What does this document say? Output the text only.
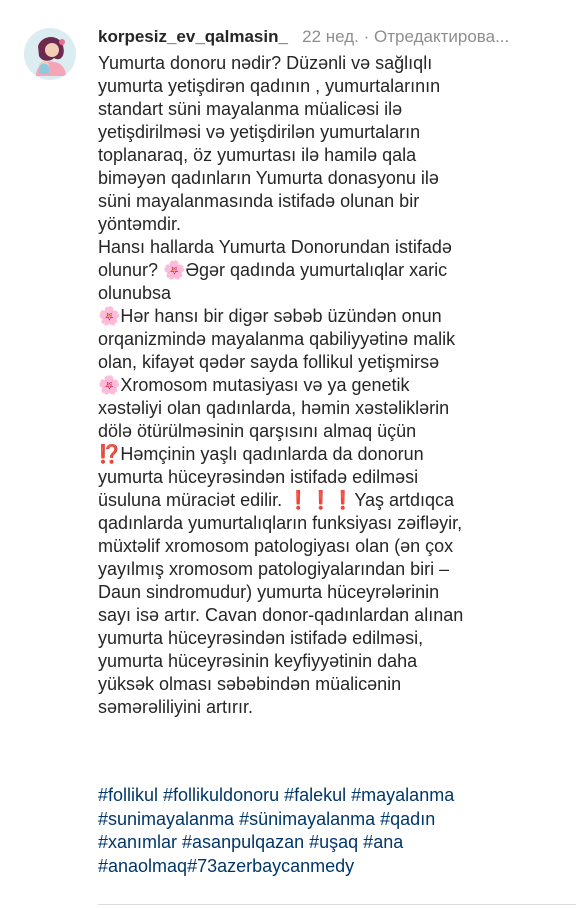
korpesiz_ev_qalmasin_ 22 нед. · Отредактирова...
Yumurta donoru nədir? Düzənli və sağlıqlı
yumurta yetişdirən qadının , yumurtalarının
standart süni mayalanma müalicəsi ilə
yetişdirilməsi və yetişdirilən yumurtaların
toplanaraq, öz yumurtası ilə hamilə qala
biməyən qadınların Yumurta donasyonu ilə
süni mayalanmasında istifadə olunan bir
yöntəmdir.
Hansı hallarda Yumurta Donorundan istifadə
olunur? 🌸Əgər qadında yumurtalıqlar xaric
olunubsa
🌸Hər hansı bir digər səbəb üzündən onun
orqanizmində mayalanma qabiliyyətinə malik
olan, kifayət qədər sayda follikul yetişmirsə
🌸Xromosom mutasiyası və ya genetik
xəstəliyi olan qadınlarda, həmin xəstəliklərin
dölə ötürülməsinin qarşısını almaq üçün
⁉️Həmçinin yaşlı qadınlarda da donorun
yumurta hüceyrəsindən istifadə edilməsi
üsuluna müraciət edilir. ❗❗❗Yaş artdıqca
qadınlarda yumurtalıqların funksiyası zəifləyir,
müxtəlif xromosom patologiyası olan (ən çox
yayılmış xromosom patologiyalarından biri –
Daun sindromudur) yumurta hüceyrələrinin
sayı isə artır. Cavan donor-qadınlardan alınan
yumurta hüceyrəsindən istifadə edilməsi,
yumurta hüceyrəsinin keyfiyyətinin daha
yüksək olması səbəbindən müalicənin
səmərəliliyini artırır.
#follikul #follikuldonoru #falekul #mayalanma
#sunimayalanma #sünimayalanma #qadın
#xanımlar #asanpulqazan #uşaq #ana
#anaolmaq#73azerbaycanmedy
